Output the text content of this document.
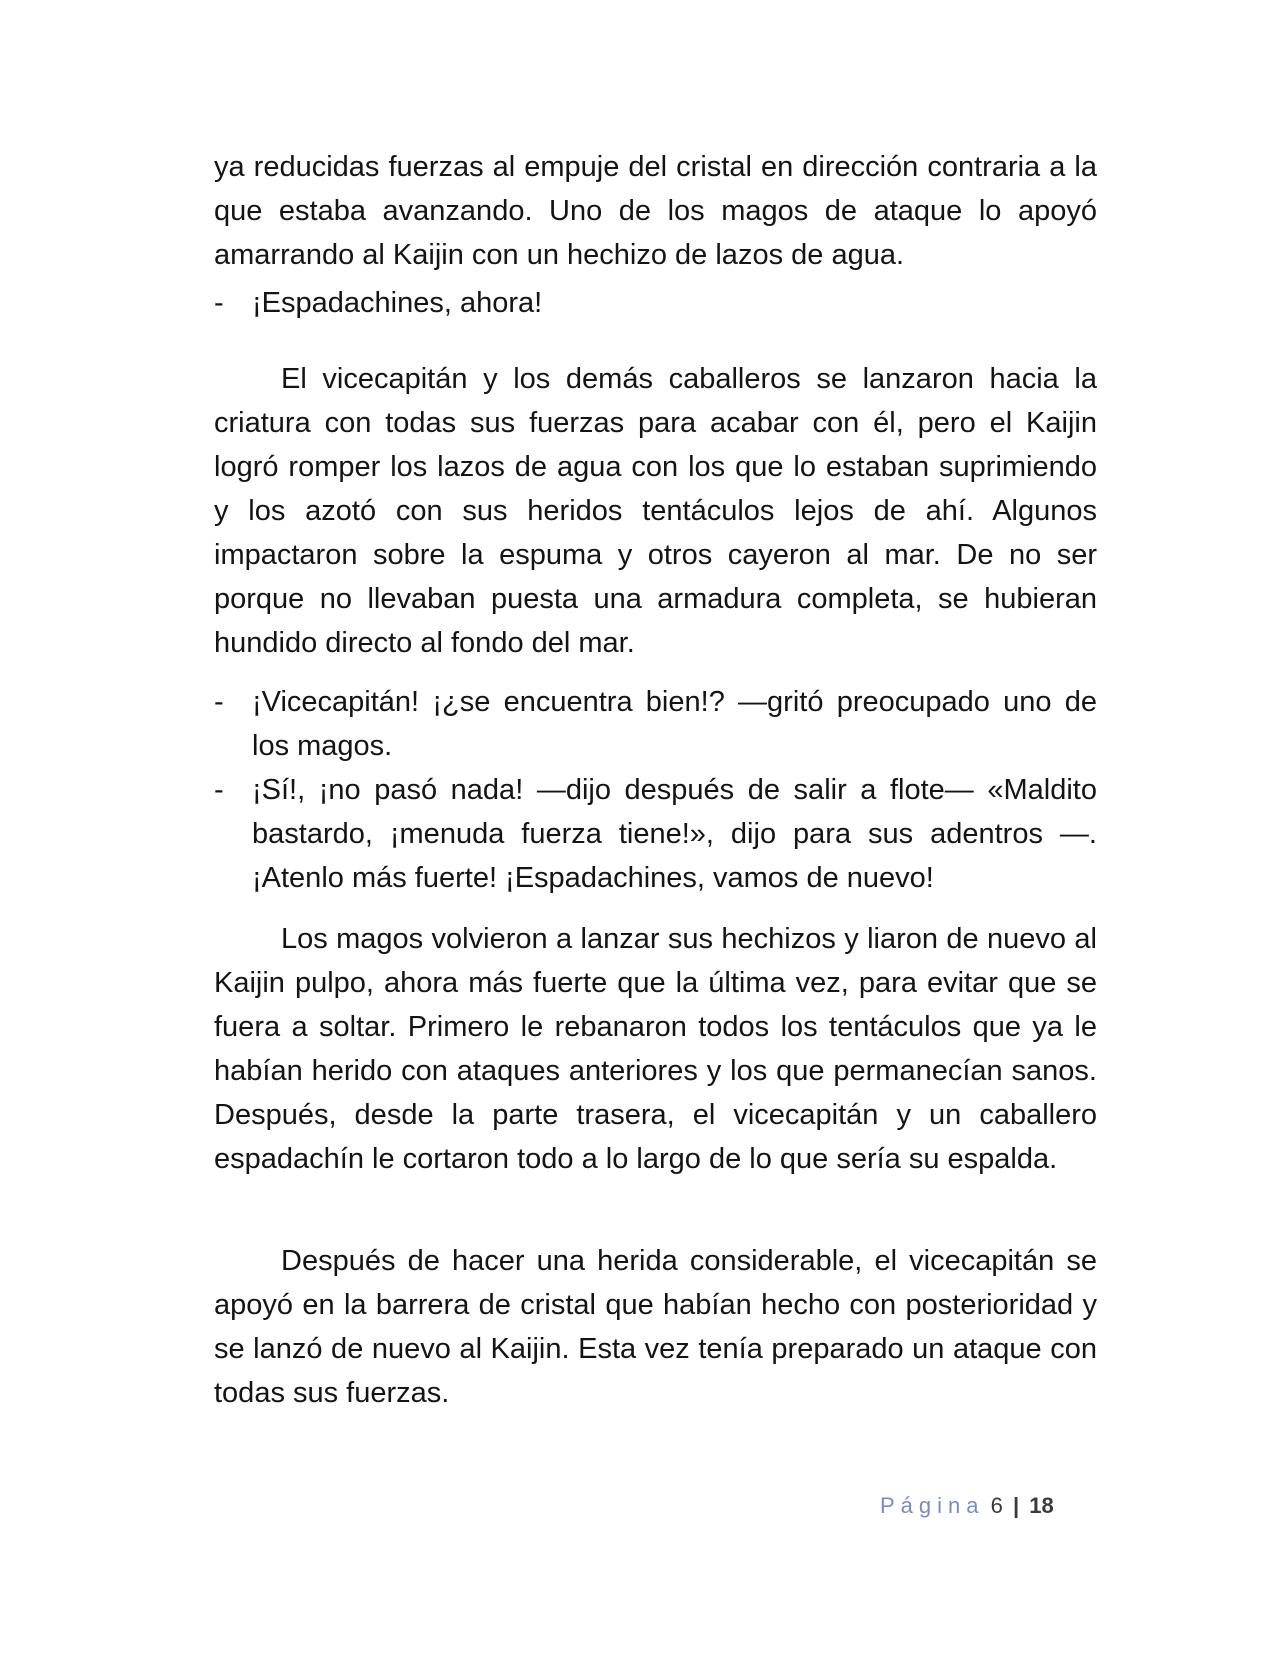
ya reducidas fuerzas al empuje del cristal en dirección contraria a la que estaba avanzando. Uno de los magos de ataque lo apoyó amarrando al Kaijin con un hechizo de lazos de agua.

- ¡Espadachines, ahora!

El vicecapitán y los demás caballeros se lanzaron hacia la criatura con todas sus fuerzas para acabar con él, pero el Kaijin logró romper los lazos de agua con los que lo estaban suprimiendo y los azotó con sus heridos tentáculos lejos de ahí. Algunos impactaron sobre la espuma y otros cayeron al mar. De no ser porque no llevaban puesta una armadura completa, se hubieran hundido directo al fondo del mar.

- ¡Vicecapitán! ¡¿se encuentra bien!? —gritó preocupado uno de los magos.
- ¡Sí!, ¡no pasó nada! —dijo después de salir a flote— «Maldito bastardo, ¡menuda fuerza tiene!», dijo para sus adentros —. ¡Atenlo más fuerte! ¡Espadachines, vamos de nuevo!

Los magos volvieron a lanzar sus hechizos y liaron de nuevo al Kaijin pulpo, ahora más fuerte que la última vez, para evitar que se fuera a soltar. Primero le rebanaron todos los tentáculos que ya le habían herido con ataques anteriores y los que permanecían sanos. Después, desde la parte trasera, el vicecapitán y un caballero espadachín le cortaron todo a lo largo de lo que sería su espalda.

Después de hacer una herida considerable, el vicecapitán se apoyó en la barrera de cristal que habían hecho con posterioridad y se lanzó de nuevo al Kaijin. Esta vez tenía preparado un ataque con todas sus fuerzas.

Página 6 | 18
